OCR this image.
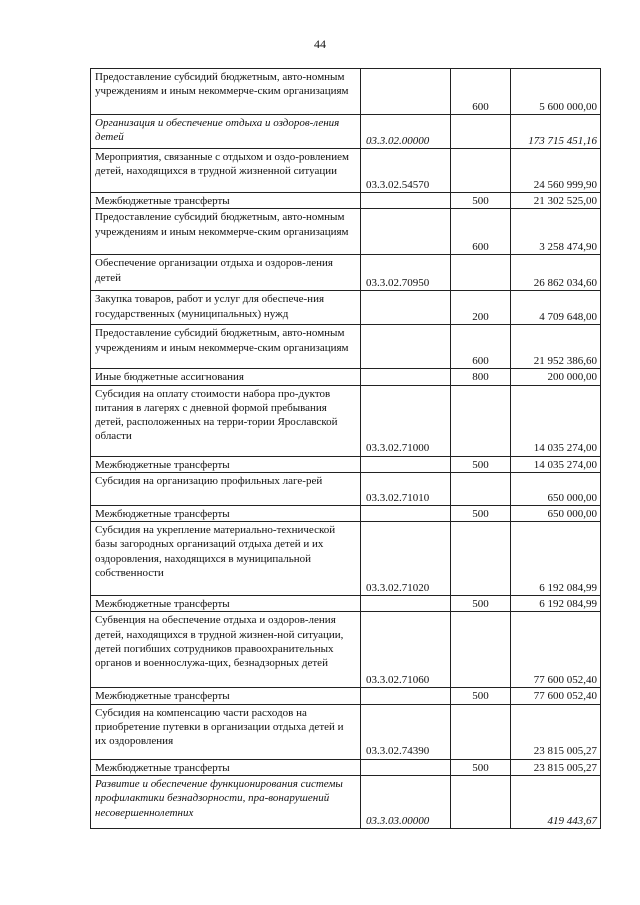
44
Предоставление субсидий бюджетным, авто-номным учреждениям и иным некоммерче-ским организациям		600	5 600 000,00
Организация и обеспечение отдыха и оздоров-ления детей	03.3.02.00000		173 715 451,16
Мероприятия, связанные с отдыхом и оздо-ровлением детей, находящихся в трудной жизненной ситуации	03.3.02.54570		24 560 999,90
Межбюджетные трансферты		500	21 302 525,00
Предоставление субсидий бюджетным, авто-номным учреждениям и иным некоммерче-ским организациям		600	3 258 474,90
Обеспечение организации отдыха и оздоров-ления детей	03.3.02.70950		26 862 034,60
Закупка товаров, работ и услуг для обеспече-ния государственных (муниципальных) нужд		200	4 709 648,00
Предоставление субсидий бюджетным, авто-номным учреждениям и иным некоммерче-ским организациям		600	21 952 386,60
Иные бюджетные ассигнования		800	200 000,00
Субсидия на оплату стоимости набора про-дуктов питания в лагерях с дневной формой пребывания детей, расположенных на терри-тории Ярославской области	03.3.02.71000		14 035 274,00
Межбюджетные трансферты		500	14 035 274,00
Субсидия на организацию профильных лаге-рей	03.3.02.71010		650 000,00
Межбюджетные трансферты		500	650 000,00
Субсидия на укрепление материально-технической базы загородных организаций отдыха детей и их оздоровления, находящихся в муниципальной собственности	03.3.02.71020		6 192 084,99
Межбюджетные трансферты		500	6 192 084,99
Субвенция на обеспечение отдыха и оздоров-ления детей, находящихся в трудной жизнен-ной ситуации, детей погибших сотрудников правоохранительных органов и военнослужа-щих, безнадзорных детей	03.3.02.71060		77 600 052,40
Межбюджетные трансферты		500	77 600 052,40
Субсидия на компенсацию части расходов на приобретение путевки в организации отдыха детей и их оздоровления	03.3.02.74390		23 815 005,27
Межбюджетные трансферты		500	23 815 005,27
Развитие и обеспечение функционирования системы профилактики безнадзорности, пра-вонарушений несовершеннолетних	03.3.03.00000		419 443,67
